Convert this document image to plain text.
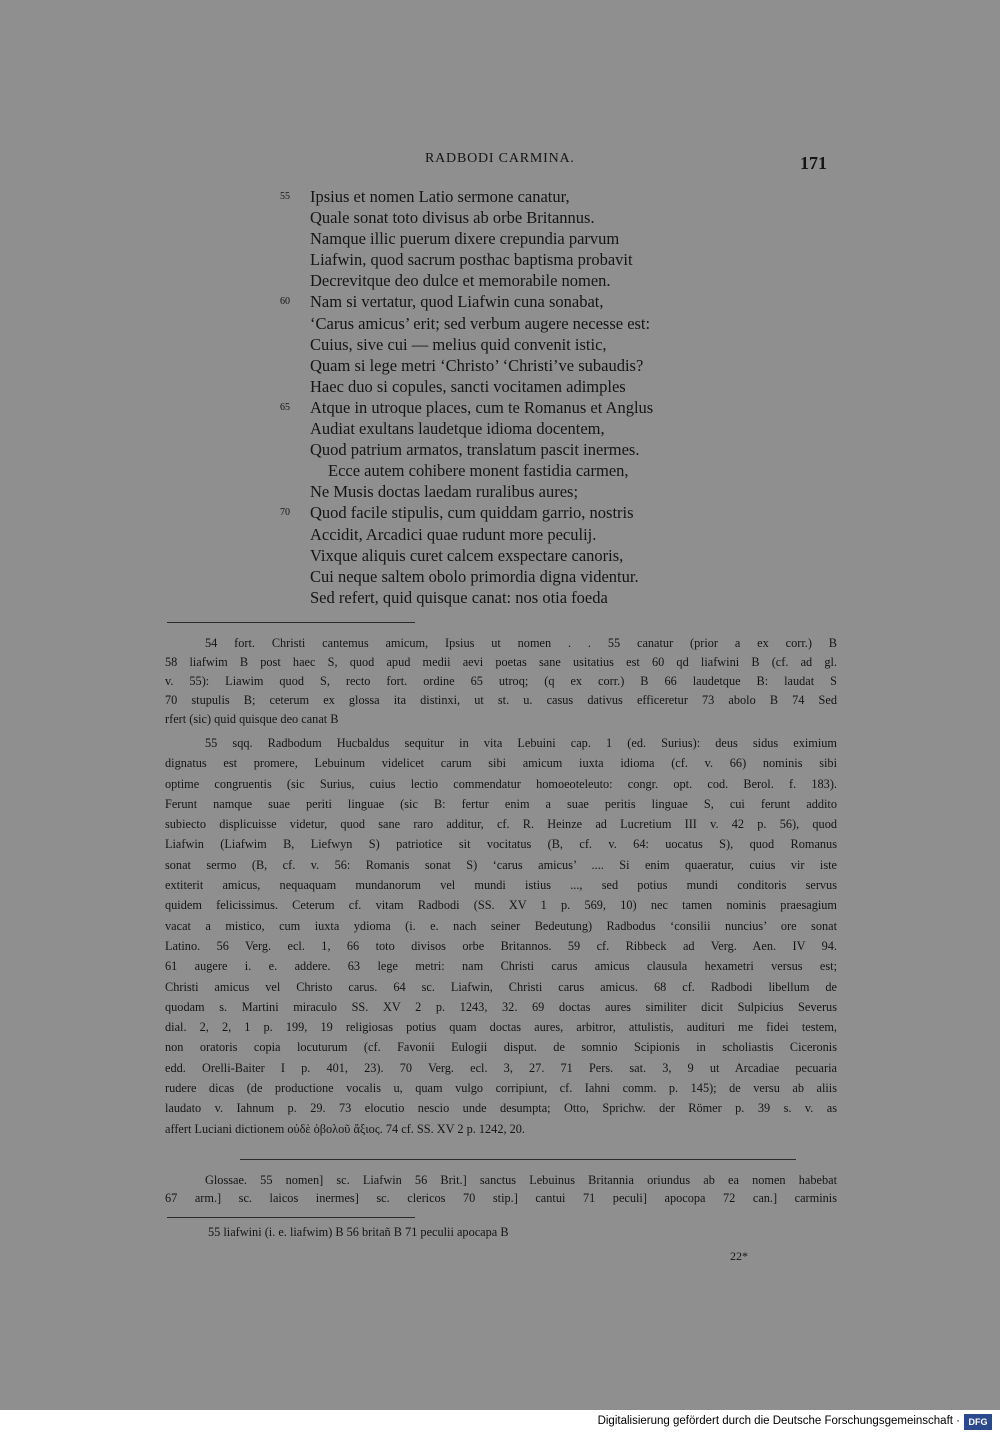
RADBODI CARMINA.	171
55	Ipsius et nomen Latio sermone canatur,
Quale sonat toto divisus ab orbe Britannus.
Namque illic puerum dixere crepundia parvum
Liafwin, quod sacrum posthac baptisma probavit
Decrevitque deo dulce et memorabile nomen.
60	Nam si vertatur, quod Liafwin cuna sonabat,
‘Carus amicus’ erit; sed verbum augere necesse est:
Cuius, sive cui — melius quid convenit istic,
Quam si lege metri ‘Christo’ ‘Christi’ve subaudis?
Haec duo si copules, sancti vocitamen adimples
65	Atque in utroque places, cum te Romanus et Anglus
Audiat exultans laudetque idioma docentem,
Quod patrium armatos, translatum pascit inermes.
Ecce autem cohibere monent fastidia carmen,
Ne Musis doctas laedam ruralibus aures;
70	Quod facile stipulis, cum quiddam garrio, nostris
Accidit, Arcadici quae rudunt more peculij.
Vixque aliquis curet calcem exspectare canoris,
Cui neque saltem obolo primordia digna videntur.
Sed refert, quid quisque canat: nos otia foeda
54 fort. Christi cantemus amicum, Ipsius ut nomen . . 55 canatur (prior a ex corr.) B
58 liafwim B post haec S, quod apud medii aevi poetas sane usitatius est 60 qd liafwini B (cf. ad gl.
v. 55): Liawim quod S, recto fort. ordine 65 utroq; (q ex corr.) B 66 laudetque B: laudat S
70 stupulis B; ceterum ex glossa ita distinxi, ut st. u. casus dativus efficeretur 73 abolo B 74 Sed
rfert (sic) quid quisque deo canat B
55 sqq. Radbodum Hucbaldus sequitur in vita Lebuini cap. 1 (ed. Surius): deus sidus eximium
dignatus est promere, Lebuinum videlicet carum sibi amicum iuxta idioma (cf. v. 66) nominis sibi
optime congruentis (sic Surius, cuius lectio commendatur homoeoteleuto: congr. opt. cod. Berol. f. 183).
Ferunt namque suae periti linguae (sic B: fertur enim a suae peritis linguae S, cui ferunt addito
subiecto displicuisse videtur, quod sane raro additur, cf. R. Heinze ad Lucretium III v. 42 p. 56), quod
Liafwin (Liafwim B, Liefwyn S) patriotice sit vocitatus (B, cf. v. 64: uocatus S), quod Romanus
sonat sermo (B, cf. v. 56: Romanis sonat S) ‘carus amicus’ .... Si enim quaeratur, cuius vir iste
extiterit amicus, nequaquam mundanorum vel mundi istius ..., sed potius mundi conditoris servus
quidem felicissimus. Ceterum cf. vitam Radbodi (SS. XV 1 p. 569, 10) nec tamen nominis praesagium
vacat a mistico, cum iuxta ydioma (i. e. nach seiner Bedeutung) Radbodus ‘consilii nuncius’ ore sonat
Latino. 56 Verg. ecl. 1, 66 toto divisos orbe Britannos. 59 cf. Ribbeck ad Verg. Aen. IV 94.
61 augere i. e. addere. 63 lege metri: nam Christi carus amicus clausula hexametri versus est;
Christi amicus vel Christo carus. 64 sc. Liafwin, Christi carus amicus. 68 cf. Radbodi libellum de
quodam s. Martini miraculo SS. XV 2 p. 1243, 32. 69 doctas aures similiter dicit Sulpicius Severus
dial. 2, 2, 1 p. 199, 19 religiosas potius quam doctas aures, arbitror, attulistis, audituri me fidei testem,
non oratoris copia locuturum (cf. Favonii Eulogii disput. de somnio Scipionis in scholiastis Ciceronis
edd. Orelli-Baiter I p. 401, 23). 70 Verg. ecl. 3, 27. 71 Pers. sat. 3, 9 ut Arcadiae pecuaria
rudere dicas (de productione vocalis u, quam vulgo corripiunt, cf. Iahni comm. p. 145); de versu ab aliis
laudato v. Iahnum p. 29. 73 elocutio nescio unde desumpta; Otto, Sprichw. der Römer p. 39 s. v. as
affert Luciani dictionem οὐδὲ ὀβολοῦ ἄξιος. 74 cf. SS. XV 2 p. 1242, 20.
Glossae. 55 nomen] sc. Liafwin 56 Brit.] sanctus Lebuinus Britannia oriundus ab ea nomen habebat
67 arm.] sc. laicos inermes] sc. clericos 70 stip.] cantui 71 peculi] apocopa 72 can.] carminis
55 liafwini (i. e. liafwim) B 56 britañ B 71 peculii apocapa B
22*
Digitalisierung gefördert durch die Deutsche Forschungsgemeinschaft · DFG
